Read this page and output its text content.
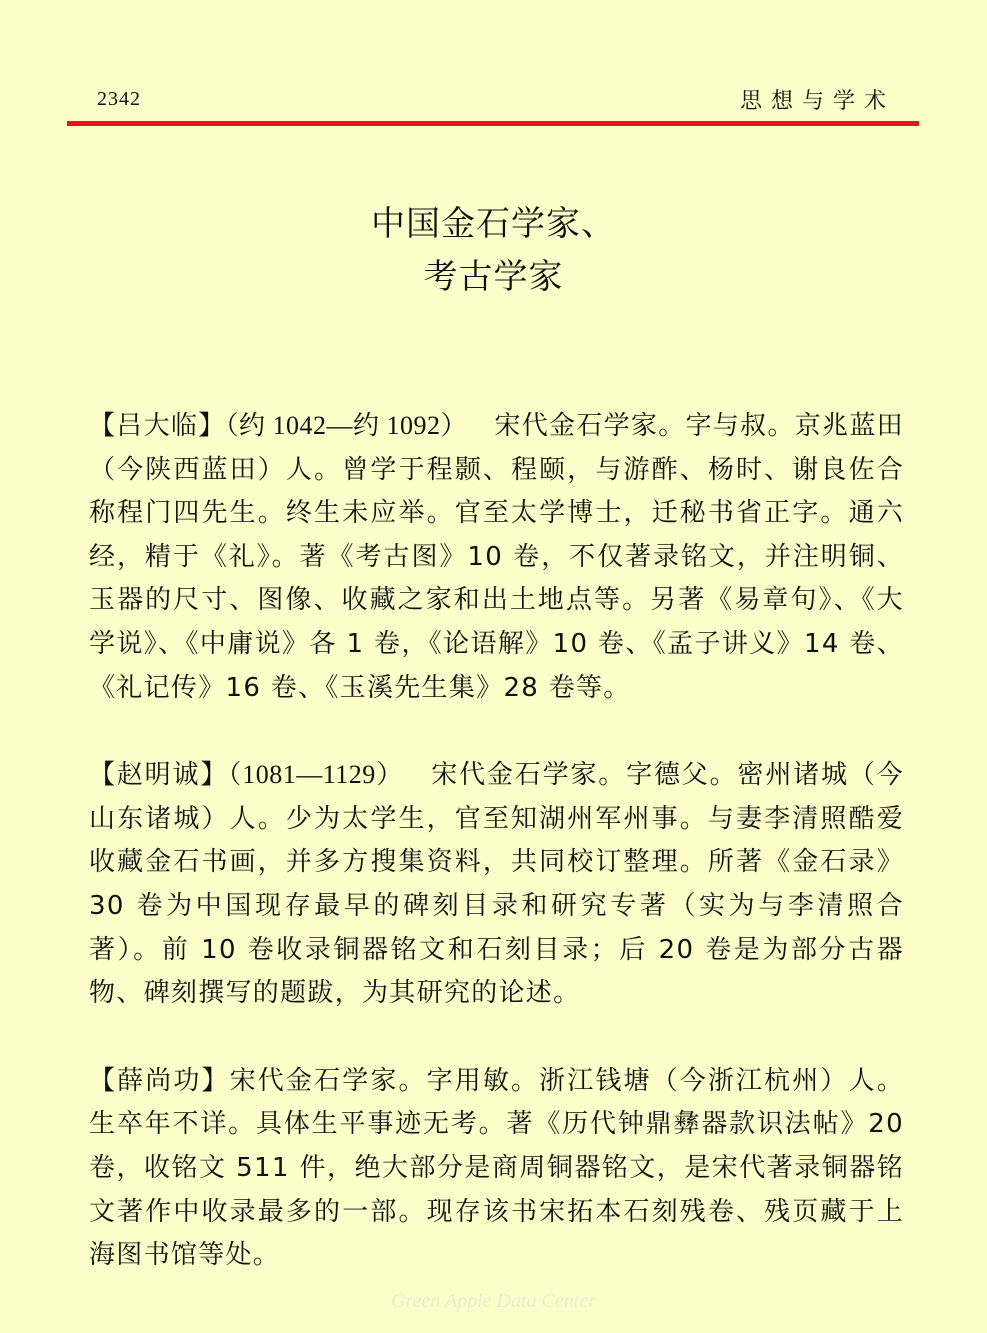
2342	思想与学术
中国金石学家、
考古学家

【吕大临】（约 1042—约 1092）  宋代金石学家。字与叔。京兆蓝田（今陕西蓝田）人。曾学于程颢、程颐，与游酢、杨时、谢良佐合称程门四先生。终生未应举。官至太学博士，迁秘书省正字。通六经，精于《礼》。著《考古图》10 卷，不仅著录铭文，并注明铜、玉器的尺寸、图像、收藏之家和出土地点等。另著《易章句》、《大学说》、《中庸说》各 1 卷，《论语解》10 卷、《孟子讲义》14 卷、《礼记传》16 卷、《玉溪先生集》28 卷等。

【赵明诚】（1081—1129）  宋代金石学家。字德父。密州诸城（今山东诸城）人。少为太学生，官至知湖州军州事。与妻李清照酷爱收藏金石书画，并多方搜集资料，共同校订整理。所著《金石录》30 卷为中国现存最早的碑刻目录和研究专著（实为与李清照合著）。前 10 卷收录铜器铭文和石刻目录；后 20 卷是为部分古器物、碑刻撰写的题跋，为其研究的论述。

【薛尚功】宋代金石学家。字用敏。浙江钱塘（今浙江杭州）人。生卒年不详。具体生平事迹无考。著《历代钟鼎彝器款识法帖》20 卷，收铭文 511 件，绝大部分是商周铜器铭文，是宋代著录铜器铭文著作中收录最多的一部。现存该书宋拓本石刻残卷、残页藏于上海图书馆等处。

Green Apple Data Center
